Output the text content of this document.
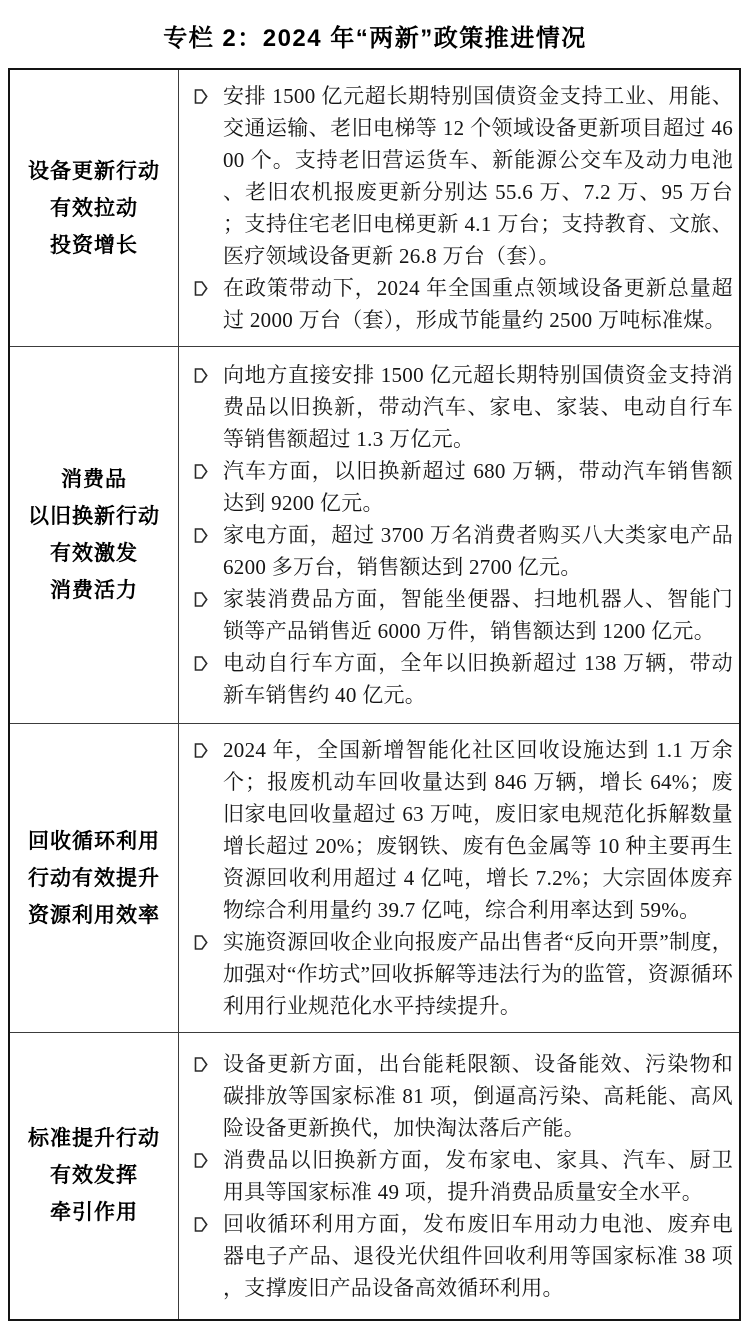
专栏 2：2024 年“两新”政策推进情况
设备更新行动
有效拉动
投资增长

安排 1500 亿元超长期特别国债资金支持工业、用能、交通运输、老旧电梯等 12 个领域设备更新项目超过 4600 个。支持老旧营运货车、新能源公交车及动力电池、老旧农机报废更新分别达 55.6 万、7.2 万、95 万台；支持住宅老旧电梯更新 4.1 万台；支持教育、文旅、医疗领域设备更新 26.8 万台（套）。
在政策带动下，2024 年全国重点领域设备更新总量超过 2000 万台（套），形成节能量约 2500 万吨标准煤。

消费品
以旧换新行动
有效激发
消费活力

向地方直接安排 1500 亿元超长期特别国债资金支持消费品以旧换新，带动汽车、家电、家装、电动自行车等销售额超过 1.3 万亿元。
汽车方面，以旧换新超过 680 万辆，带动汽车销售额达到 9200 亿元。
家电方面，超过 3700 万名消费者购买八大类家电产品 6200 多万台，销售额达到 2700 亿元。
家装消费品方面，智能坐便器、扫地机器人、智能门锁等产品销售近 6000 万件，销售额达到 1200 亿元。
电动自行车方面，全年以旧换新超过 138 万辆，带动新车销售约 40 亿元。

回收循环利用
行动有效提升
资源利用效率

2024 年，全国新增智能化社区回收设施达到 1.1 万余个；报废机动车回收量达到 846 万辆，增长 64%；废旧家电回收量超过 63 万吨，废旧家电规范化拆解数量增长超过 20%；废钢铁、废有色金属等 10 种主要再生资源回收利用超过 4 亿吨，增长 7.2%；大宗固体废弃物综合利用量约 39.7 亿吨，综合利用率达到 59%。
实施资源回收企业向报废产品出售者“反向开票”制度，加强对“作坊式”回收拆解等违法行为的监管，资源循环利用行业规范化水平持续提升。

标准提升行动
有效发挥
牵引作用

设备更新方面，出台能耗限额、设备能效、污染物和碳排放等国家标准 81 项，倒逼高污染、高耗能、高风险设备更新换代，加快淘汰落后产能。
消费品以旧换新方面，发布家电、家具、汽车、厨卫用具等国家标准 49 项，提升消费品质量安全水平。
回收循环利用方面，发布废旧车用动力电池、废弃电器电子产品、退役光伏组件回收利用等国家标准 38 项，支撑废旧产品设备高效循环利用。
